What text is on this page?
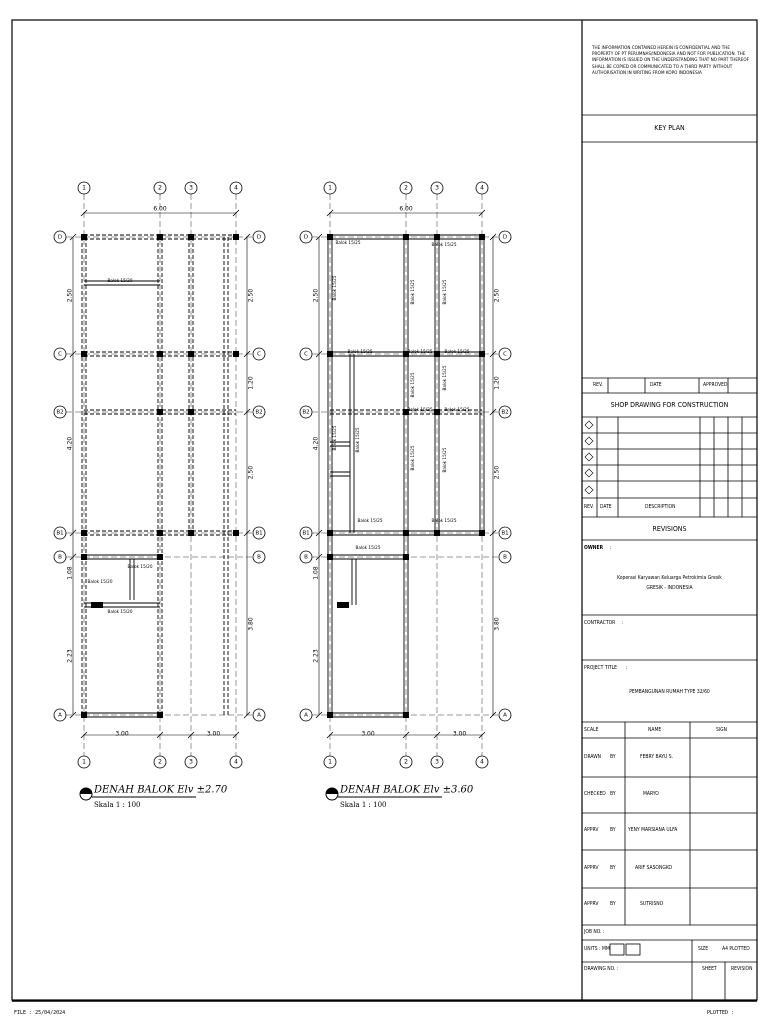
1
1
2
2
3
3
4
4
D	D
C	C
B2	B2
B1	B1
B	B
A	A
6.00
3.00	3.00
2.50
4.20
1.08
2.23
2.50
1.20
2.50
3.80
Balok 15/20
Balok 15/20
Balok 15/20
Balok 15/20
DENAH BALOK Elv ±2.70
Skala 1 : 100
1
1
2
2
3
3
4
4
D	D
C	C
B2	B2
B1	B1
B	B
A	A
6.00
3.00	3.00
2.50
4.20
1.08
2.23
2.50
1.20
2.50
3.80
Balok 15/25	Balok 15/25
Balok 15/25	Balok 15/25	Balok 15/25
Balok 15/25	Balok 15/25
Balok 15/25	Balok 15/25
Balok 15/25
Balok 15/25	Balok 15/25	Balok 15/25
Balok 15/25	Balok 15/25
Balok 15/25	Balok 15/25
Balok 15/25
Balok 15/25
DENAH BALOK Elv ±3.60
Skala 1 : 100
THE INFORMATION CONTAINED HEREIN IS CONFIDENTIAL AND THE PROPERTY OF PT PERUMNAS/INDONESIA AND NOT FOR PUBLICATION. THE INFORMATION IS ISSUED ON THE UNDERSTANDING THAT NO PART THEREOF SHALL BE COPIED OR COMMUNICATED TO A THIRD PARTY WITHOUT AUTHORISATION IN WRITING FROM KOPO INDONESIA
KEY PLAN
REV.	DATE	APPROVED
SHOP DRAWING FOR CONSTRUCTION
REV. DATE	DESCRIPTION
REVISIONS
OWNER :
Koperasi Karyawan Keluarga Petrokimia Gresik
GRESIK - INDONESIA
CONTRACTOR :
PROJECT TITLE :
PEMBANGUNAN RUMAH TYPE 32/60
SCALE	NAME	SIGN
DRAWN BY	FEBRY BAYU S.
CHECKED BY	MARYO
APPRV BY YENY MARSIANA ULFA
APPRV BY	ARIF SASONGKO
APPRV BY	SUTRISNO
JOB NO. :
UNITS : MM	SIZE	A4 PLOTTED
DRAWING NO. :	SHEET	REVISION
FILE : 25/04/2024	PLOTTED :
